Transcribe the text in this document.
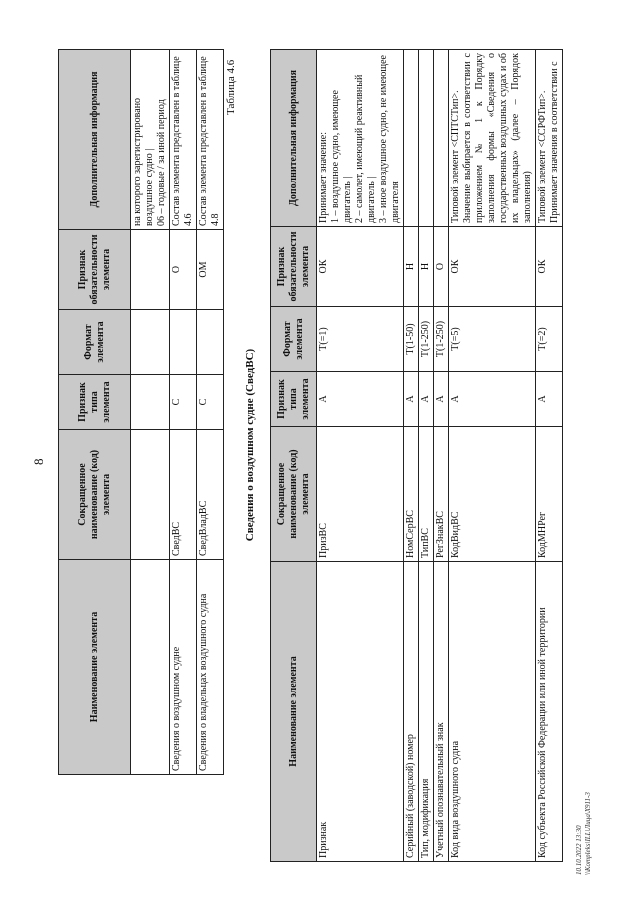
8
Наименование элемента	Сокращенное наименование (код) элемента	Признак типа элемента	Формат элемента	Признак обязательности элемента	Дополнительная информация

					на которого зарегистрировано воздушное судно | 06 – годовые / за иной период

Сведения о воздушном судне	СведВС	С		О	Состав элемента представлен в таблице 4.6
Сведения о владельцах воздушного судна	СведВладВС	С		ОМ	Состав элемента представлен в таблице 4.8
Таблица 4.6
Сведения о воздушном судне (СведВС)
Наименование элемента	Сокращенное наименование (код) элемента	Признак типа элемента	Формат элемента	Признак обязательности элемента	Дополнительная информация
Признак	ПризВС	А	Т(=1)	ОК	Принимает значение: 1 – воздушное судно, имеющее двигатель | 2 – самолет, имеющий реактивный двигатель | 3 – иное воздушное судно, не имеющее двигателя

Серийный (заводской) номер	НомСерВС	А	Т(1-50)	Н	
Тип, модификация	ТипВС	А	Т(1-250)	Н	
Учетный опознавательный знак	РегЗнакВС	А	Т(1-250)	О	
Код вида воздушного судна	КодВидВС	А	Т(=5)	ОК	Типовой элемент <СПТСТип>. Значение выбирается в соответствии с приложением № 1 к Порядку заполнения формы «Сведения о государственных воздушных судах и об их владельцах» (далее – Порядок заполнения)

Код субъекта Российской Федерации или иной территории	КодМНРег	А	Т(=2)	ОК	Типовой элемент <ССРФТип>. Принимает значения в соответствии с
10.10.2022 13:30 \\Kompleks\ILL\Лица\X911-3
